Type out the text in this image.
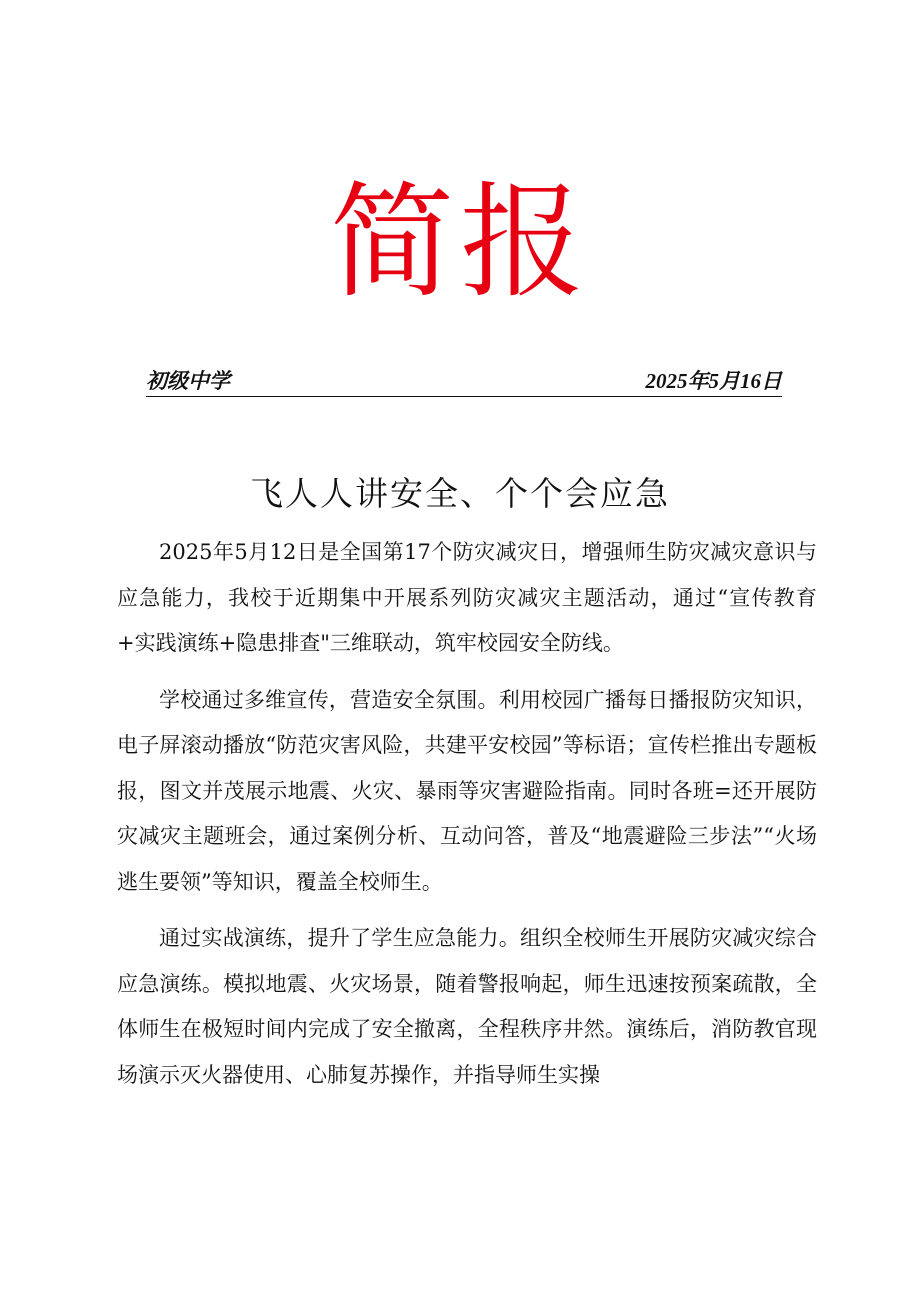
简报
初级中学	2025年5月16日
飞人人讲安全、个个会应急

2025年5月12日是全国第17个防灾减灾日，增强师生防灾减灾意识与应急能力，我校于近期集中开展系列防灾减灾主题活动，通过“宣传教育+实践演练+隐患排查"三维联动，筑牢校园安全防线。

学校通过多维宣传，营造安全氛围。利用校园广播每日播报防灾知识，电子屏滚动播放“防范灾害风险，共建平安校园”等标语；宣传栏推出专题板报，图文并茂展示地震、火灾、暴雨等灾害避险指南。同时各班=还开展防灾减灾主题班会，通过案例分析、互动问答，普及“地震避险三步法”“火场逃生要领”等知识，覆盖全校师生。

通过实战演练，提升了学生应急能力。组织全校师生开展防灾减灾综合应急演练。模拟地震、火灾场景，随着警报响起，师生迅速按预案疏散，全体师生在极短时间内完成了安全撤离，全程秩序井然。演练后，消防教官现场演示灭火器使用、心肺复苏操作，并指导师生实操
